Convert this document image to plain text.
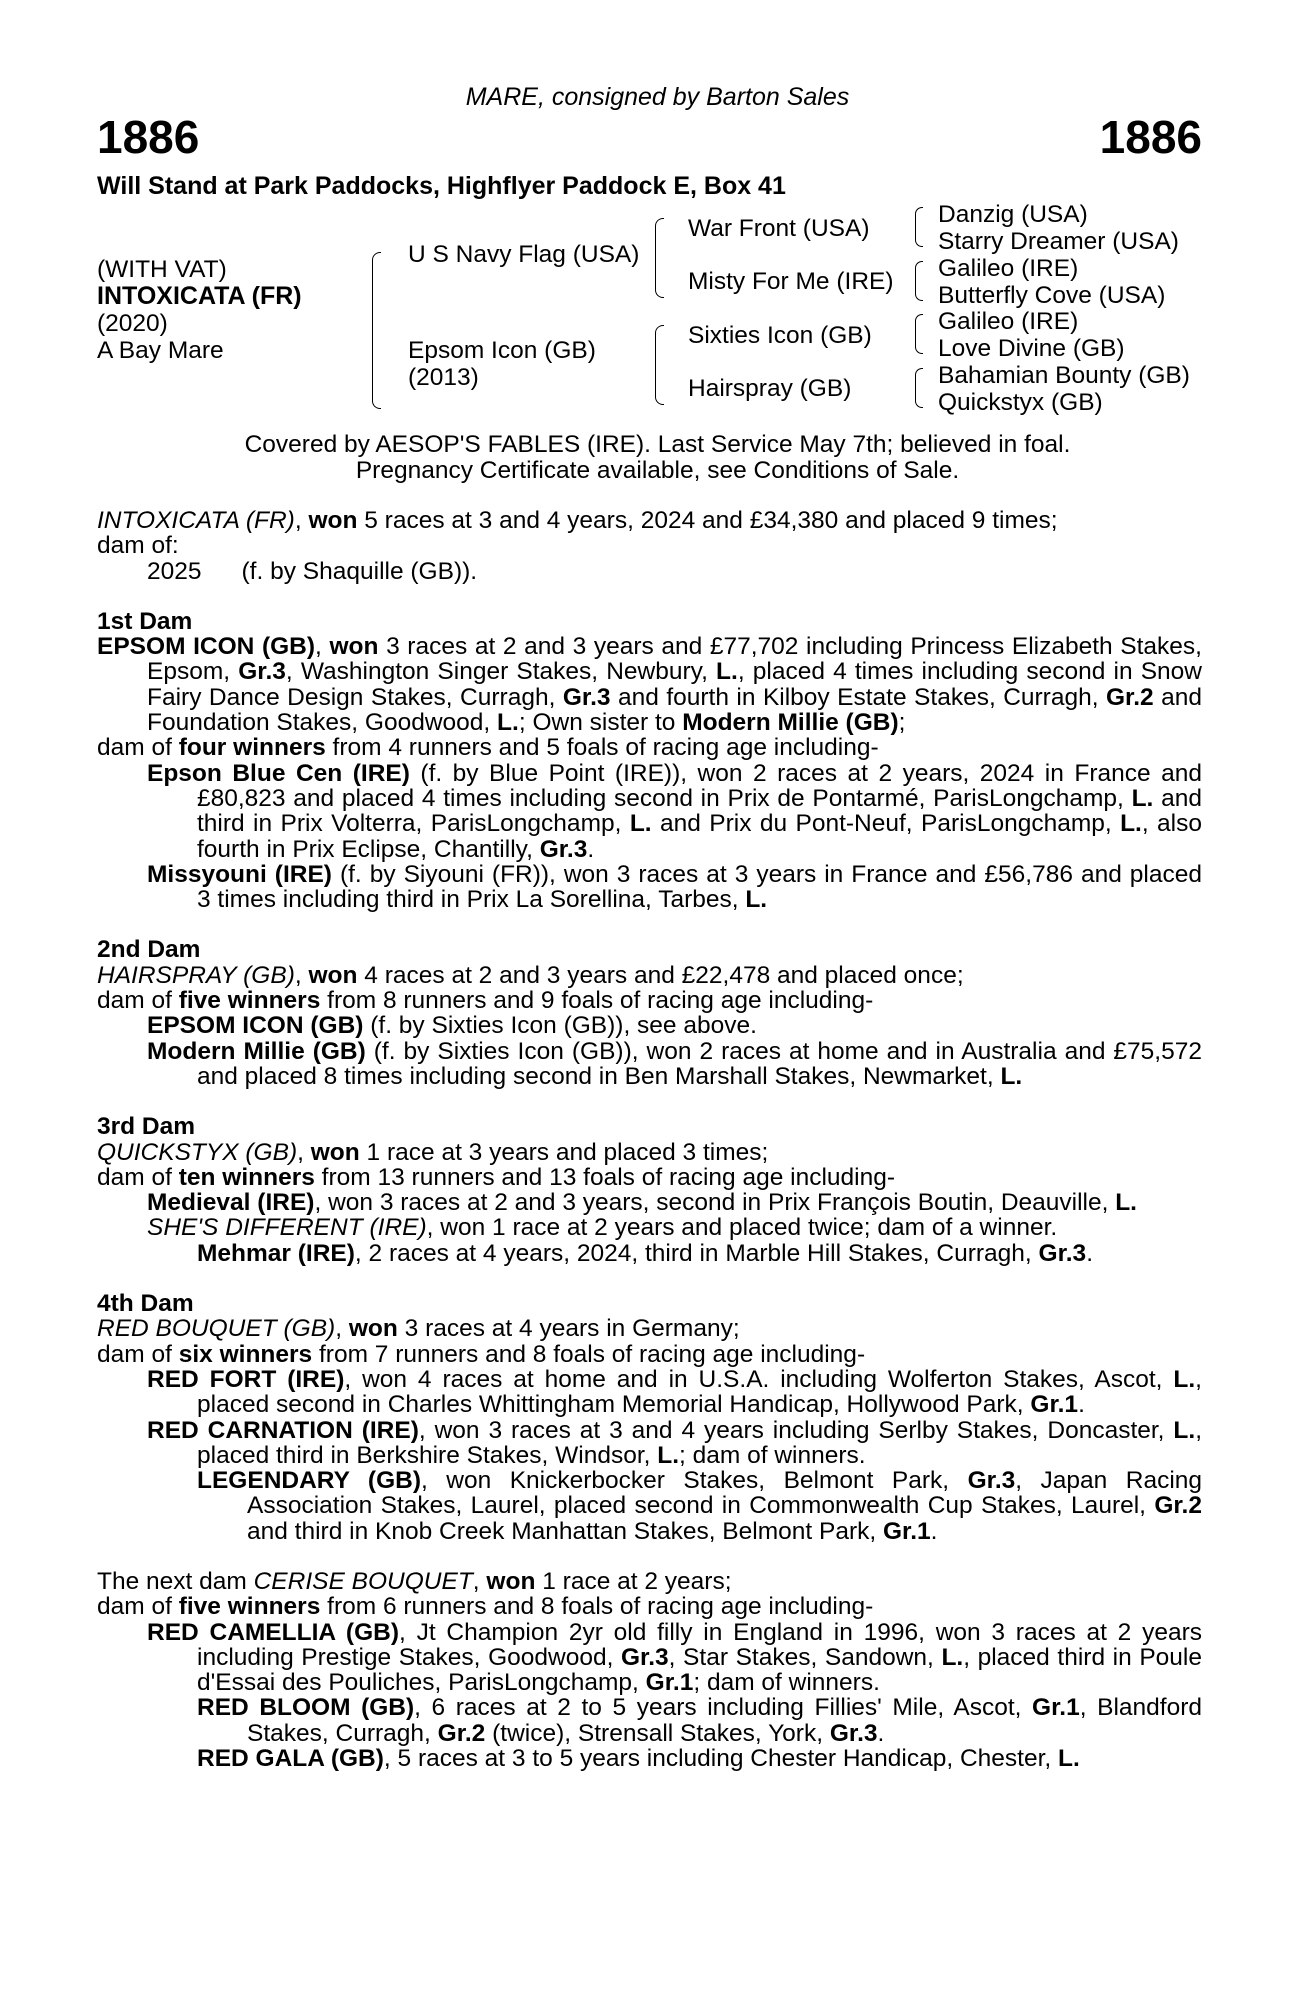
MARE, consigned by Barton Sales
1886	1886
Will Stand at Park Paddocks, Highflyer Paddock E, Box 41
(WITH VAT)
INTOXICATA (FR)
(2020)
A Bay Mare
U S Navy Flag (USA)
Epsom Icon (GB)
(2013)
War Front (USA)
Misty For Me (IRE)
Sixties Icon (GB)
Hairspray (GB)
Danzig (USA)
Starry Dreamer (USA)
Galileo (IRE)
Butterfly Cove (USA)
Galileo (IRE)
Love Divine (GB)
Bahamian Bounty (GB)
Quickstyx (GB)
Covered by AESOP'S FABLES (IRE). Last Service May 7th; believed in foal.
Pregnancy Certificate available, see Conditions of Sale.

INTOXICATA (FR), won 5 races at 3 and 4 years, 2024 and £34,380 and placed 9 times;

dam of:

2025 (f. by Shaquille (GB)).

1st Dam

EPSOM ICON (GB), won 3 races at 2 and 3 years and £77,702 including Princess Elizabeth Stakes, Epsom, Gr.3, Washington Singer Stakes, Newbury, L., placed 4 times including second in Snow Fairy Dance Design Stakes, Curragh, Gr.3 and fourth in Kilboy Estate Stakes, Curragh, Gr.2 and Foundation Stakes, Goodwood, L.; Own sister to Modern Millie (GB);

dam of four winners from 4 runners and 5 foals of racing age including-

Epson Blue Cen (IRE) (f. by Blue Point (IRE)), won 2 races at 2 years, 2024 in France and £80,823 and placed 4 times including second in Prix de Pontarmé, ParisLongchamp, L. and third in Prix Volterra, ParisLongchamp, L. and Prix du Pont-Neuf, ParisLongchamp, L., also fourth in Prix Eclipse, Chantilly, Gr.3.

Missyouni (IRE) (f. by Siyouni (FR)), won 3 races at 3 years in France and £56,786 and placed 3 times including third in Prix La Sorellina, Tarbes, L.

2nd Dam

HAIRSPRAY (GB), won 4 races at 2 and 3 years and £22,478 and placed once;

dam of five winners from 8 runners and 9 foals of racing age including-

EPSOM ICON (GB) (f. by Sixties Icon (GB)), see above.

Modern Millie (GB) (f. by Sixties Icon (GB)), won 2 races at home and in Australia and £75,572 and placed 8 times including second in Ben Marshall Stakes, Newmarket, L.

3rd Dam

QUICKSTYX (GB), won 1 race at 3 years and placed 3 times;

dam of ten winners from 13 runners and 13 foals of racing age including-

Medieval (IRE), won 3 races at 2 and 3 years, second in Prix François Boutin, Deauville, L.

SHE'S DIFFERENT (IRE), won 1 race at 2 years and placed twice; dam of a winner.

Mehmar (IRE), 2 races at 4 years, 2024, third in Marble Hill Stakes, Curragh, Gr.3.

4th Dam

RED BOUQUET (GB), won 3 races at 4 years in Germany;

dam of six winners from 7 runners and 8 foals of racing age including-

RED FORT (IRE), won 4 races at home and in U.S.A. including Wolferton Stakes, Ascot, L., placed second in Charles Whittingham Memorial Handicap, Hollywood Park, Gr.1.

RED CARNATION (IRE), won 3 races at 3 and 4 years including Serlby Stakes, Doncaster, L., placed third in Berkshire Stakes, Windsor, L.; dam of winners.

LEGENDARY (GB), won Knickerbocker Stakes, Belmont Park, Gr.3, Japan Racing Association Stakes, Laurel, placed second in Commonwealth Cup Stakes, Laurel, Gr.2 and third in Knob Creek Manhattan Stakes, Belmont Park, Gr.1.

The next dam CERISE BOUQUET, won 1 race at 2 years;

dam of five winners from 6 runners and 8 foals of racing age including-

RED CAMELLIA (GB), Jt Champion 2yr old filly in England in 1996, won 3 races at 2 years including Prestige Stakes, Goodwood, Gr.3, Star Stakes, Sandown, L., placed third in Poule d'Essai des Pouliches, ParisLongchamp, Gr.1; dam of winners.

RED BLOOM (GB), 6 races at 2 to 5 years including Fillies' Mile, Ascot, Gr.1, Blandford Stakes, Curragh, Gr.2 (twice), Strensall Stakes, York, Gr.3.

RED GALA (GB), 5 races at 3 to 5 years including Chester Handicap, Chester, L.
